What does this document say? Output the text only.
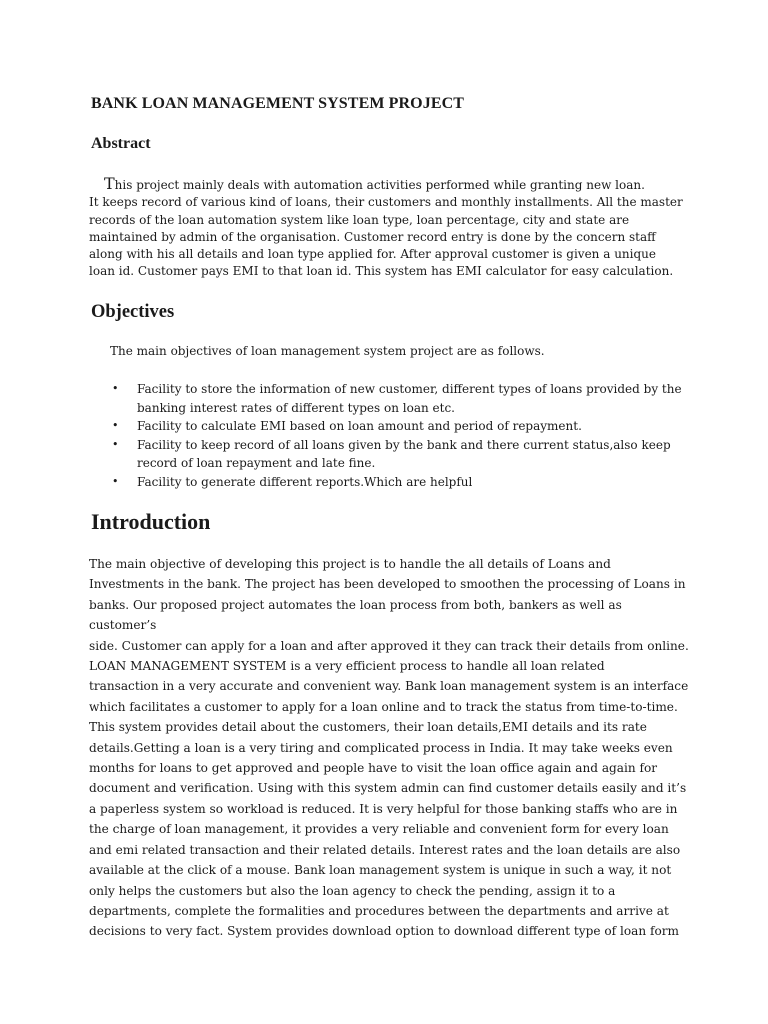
BANK LOAN MANAGEMENT SYSTEM PROJECT
Abstract
This project mainly deals with automation activities performed while granting new loan.
It keeps record of various kind of loans, their customers and monthly installments. All the master
records of the loan automation system like loan type, loan percentage, city and state are
maintained by admin of the organisation. Customer record entry is done by the concern staff
along with his all details and loan type applied for. After approval customer is given a unique
loan id. Customer pays EMI to that loan id. This system has EMI calculator for easy calculation.
Objectives

The main objectives of loan management system project are as follows.

• Facility to store the information of new customer, different types of loans provided by the
banking interest rates of different types on loan etc.
• Facility to calculate EMI based on loan amount and period of repayment.
• Facility to keep record of all loans given by the bank and there current status,also keep
record of loan repayment and late fine.
• Facility to generate different reports.Which are helpful
Introduction
The main objective of developing this project is to handle the all details of Loans and
Investments in the bank. The project has been developed to smoothen the processing of Loans in
banks. Our proposed project automates the loan process from both, bankers as well as customer’s
side. Customer can apply for a loan and after approved it they can track their details from online.
LOAN MANAGEMENT SYSTEM is a very efficient process to handle all loan related
transaction in a very accurate and convenient way. Bank loan management system is an interface
which facilitates a customer to apply for a loan online and to track the status from time-to-time.
This system provides detail about the customers, their loan details,EMI details and its rate
details.Getting a loan is a very tiring and complicated process in India. It may take weeks even
months for loans to get approved and people have to visit the loan office again and again for
document and verification. Using with this system admin can find customer details easily and it’s
a paperless system so workload is reduced. It is very helpful for those banking staffs who are in
the charge of loan management, it provides a very reliable and convenient form for every loan
and emi related transaction and their related details. Interest rates and the loan details are also
available at the click of a mouse. Bank loan management system is unique in such a way, it not
only helps the customers but also the loan agency to check the pending, assign it to a
departments, complete the formalities and procedures between the departments and arrive at
decisions to very fact. System provides download option to download different type of loan form
